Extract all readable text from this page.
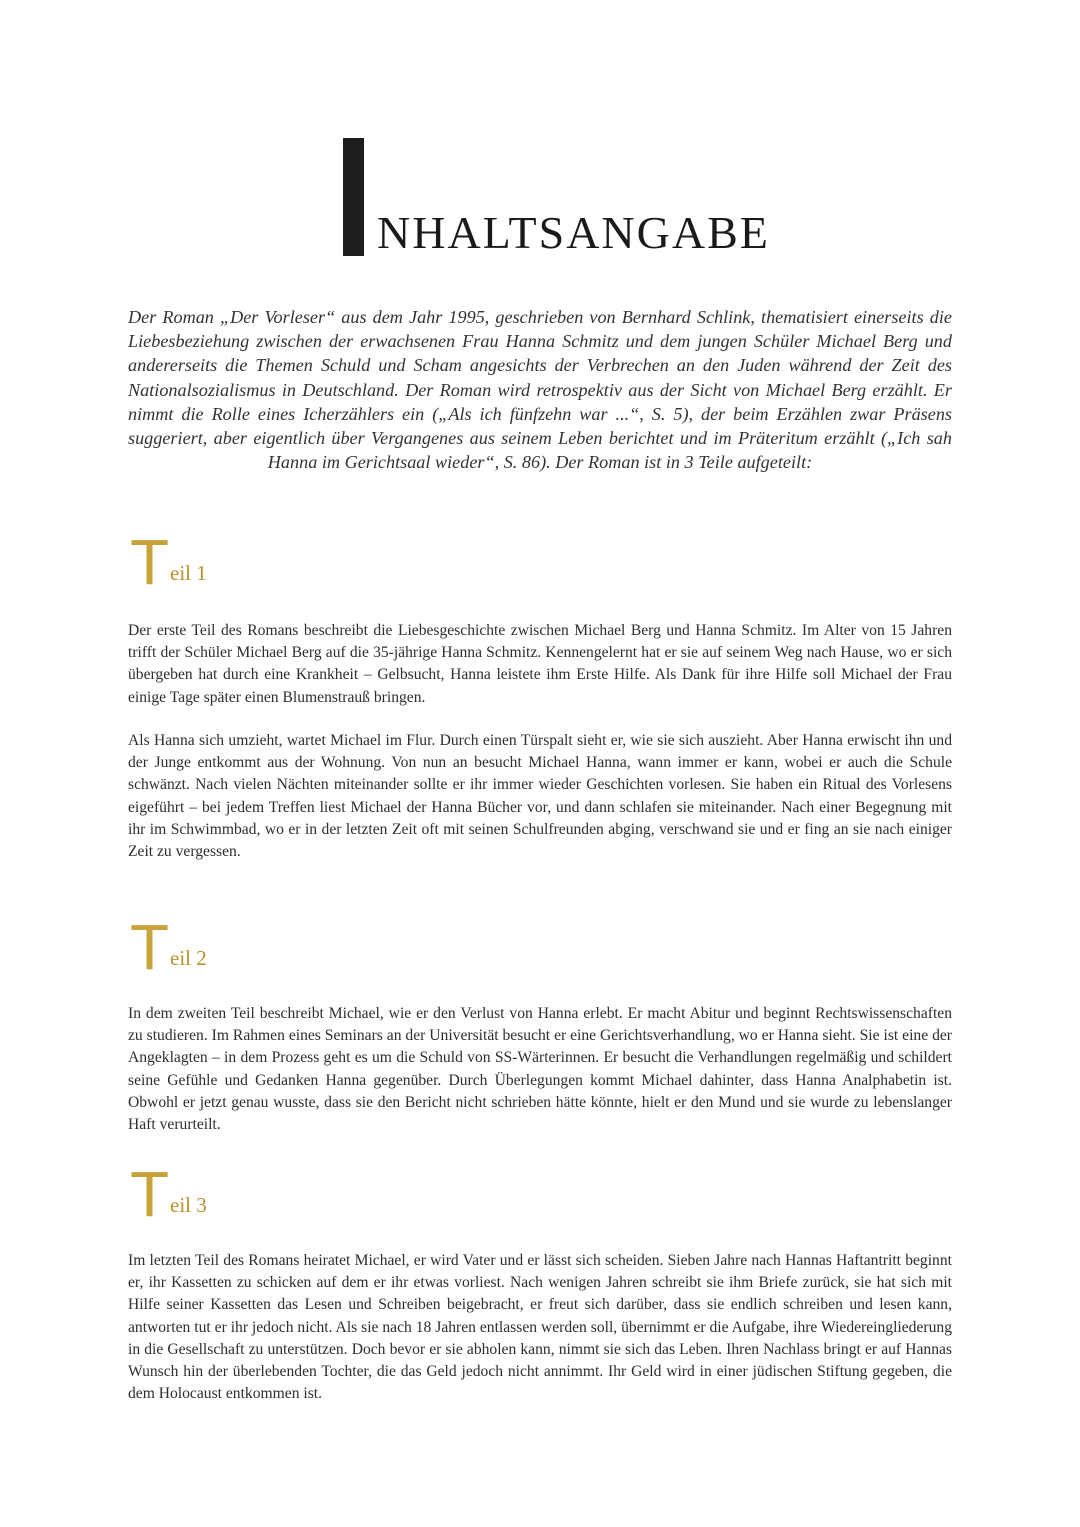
NHALTSANGABE
Der Roman „Der Vorleser“ aus dem Jahr 1995, geschrieben von Bernhard Schlink, thematisiert einerseits die Liebesbeziehung zwischen der erwachsenen Frau Hanna Schmitz und dem jungen Schüler Michael Berg und andererseits die Themen Schuld und Scham angesichts der Verbrechen an den Juden während der Zeit des Nationalsozialismus in Deutschland. Der Roman wird retrospektiv aus der Sicht von Michael Berg erzählt. Er nimmt die Rolle eines Icherzählers ein („Als ich fünfzehn war ...“, S. 5), der beim Erzählen zwar Präsens suggeriert, aber eigentlich über Vergangenes aus seinem Leben berichtet und im Präteritum erzählt („Ich sah Hanna im Gerichtsaal wieder“, S. 86). Der Roman ist in 3 Teile aufgeteilt:
T eil 1
Der erste Teil des Romans beschreibt die Liebesgeschichte zwischen Michael Berg und Hanna Schmitz. Im Alter von 15 Jahren trifft der Schüler Michael Berg auf die 35-jährige Hanna Schmitz. Kennengelernt hat er sie auf seinem Weg nach Hause, wo er sich übergeben hat durch eine Krankheit – Gelbsucht, Hanna leistete ihm Erste Hilfe. Als Dank für ihre Hilfe soll Michael der Frau einige Tage später einen Blumenstrauß bringen.
Als Hanna sich umzieht, wartet Michael im Flur. Durch einen Türspalt sieht er, wie sie sich auszieht. Aber Hanna erwischt ihn und der Junge entkommt aus der Wohnung. Von nun an besucht Michael Hanna, wann immer er kann, wobei er auch die Schule schwänzt. Nach vielen Nächten miteinander sollte er ihr immer wieder Geschichten vorlesen. Sie haben ein Ritual des Vorlesens eigeführt – bei jedem Treffen liest Michael der Hanna Bücher vor, und dann schlafen sie miteinander. Nach einer Begegnung mit ihr im Schwimmbad, wo er in der letzten Zeit oft mit seinen Schulfreunden abging, verschwand sie und er fing an sie nach einiger Zeit zu vergessen.
T eil 2
In dem zweiten Teil beschreibt Michael, wie er den Verlust von Hanna erlebt. Er macht Abitur und beginnt Rechtswissenschaften zu studieren. Im Rahmen eines Seminars an der Universität besucht er eine Gerichtsverhandlung, wo er Hanna sieht. Sie ist eine der Angeklagten – in dem Prozess geht es um die Schuld von SS-Wärterinnen. Er besucht die Verhandlungen regelmäßig und schildert seine Gefühle und Gedanken Hanna gegenüber. Durch Überlegungen kommt Michael dahinter, dass Hanna Analphabetin ist. Obwohl er jetzt genau wusste, dass sie den Bericht nicht schrieben hätte könnte, hielt er den Mund und sie wurde zu lebenslanger Haft verurteilt.
T eil 3
Im letzten Teil des Romans heiratet Michael, er wird Vater und er lässt sich scheiden. Sieben Jahre nach Hannas Haftantritt beginnt er, ihr Kassetten zu schicken auf dem er ihr etwas vorliest. Nach wenigen Jahren schreibt sie ihm Briefe zurück, sie hat sich mit Hilfe seiner Kassetten das Lesen und Schreiben beigebracht, er freut sich darüber, dass sie endlich schreiben und lesen kann, antworten tut er ihr jedoch nicht. Als sie nach 18 Jahren entlassen werden soll, übernimmt er die Aufgabe, ihre Wiedereingliederung in die Gesellschaft zu unterstützen. Doch bevor er sie abholen kann, nimmt sie sich das Leben. Ihren Nachlass bringt er auf Hannas Wunsch hin der überlebenden Tochter, die das Geld jedoch nicht annimmt. Ihr Geld wird in einer jüdischen Stiftung gegeben, die dem Holocaust entkommen ist.
